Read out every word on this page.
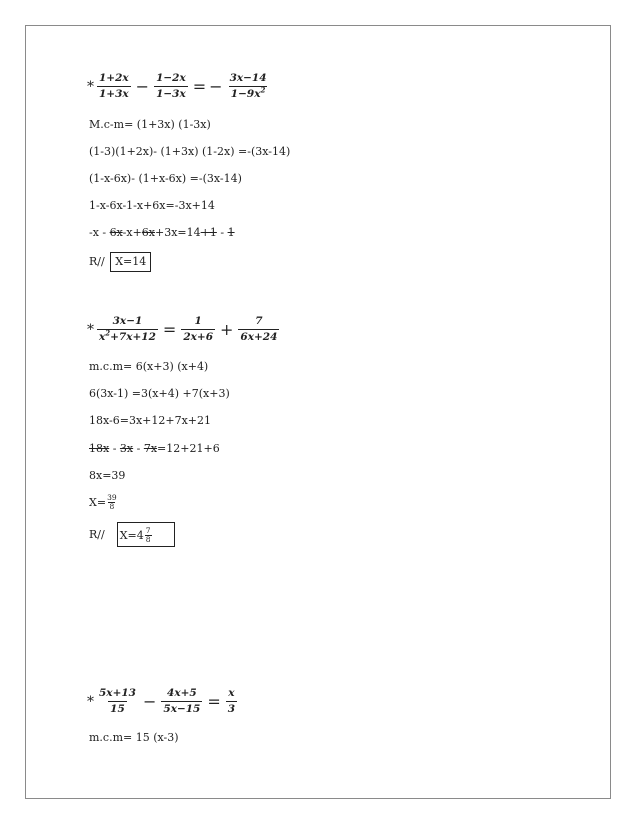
* $\frac{1+2x}{1+3x} - \frac{1-2x}{1-3x}$ = − $\frac{3x-14}{1-9x^2}$
M.c-m= (1+3x) (1-3x)
(1-3)(1+2x)- (1+3x) (1-2x) =-(3x-14)
(1-x-6x)- (1+x-6x) =-(3x-14)
1-x-6x-1-x+6x=-3x+14
-x - 6x-x+6x+3x=14+1 - 1
R// X=14
* $\frac{3x-1}{x^2+7x+12} = \frac{1}{2x+6} + \frac{7}{6x+24}$
m.c.m= 6(x+3) (x+4)
6(3x-1) =3(x+4) +7(x+3)
18x-6=3x+12+7x+21
18x - 3x - 7x=12+21+6
8x=39
$X= \frac{39}{8}$
R// X=4 7
8
* $\frac{5x+13}{15} - \frac{4x+5}{5x-15} = \frac{x}{3}$
m.c.m= 15 (x-3)
